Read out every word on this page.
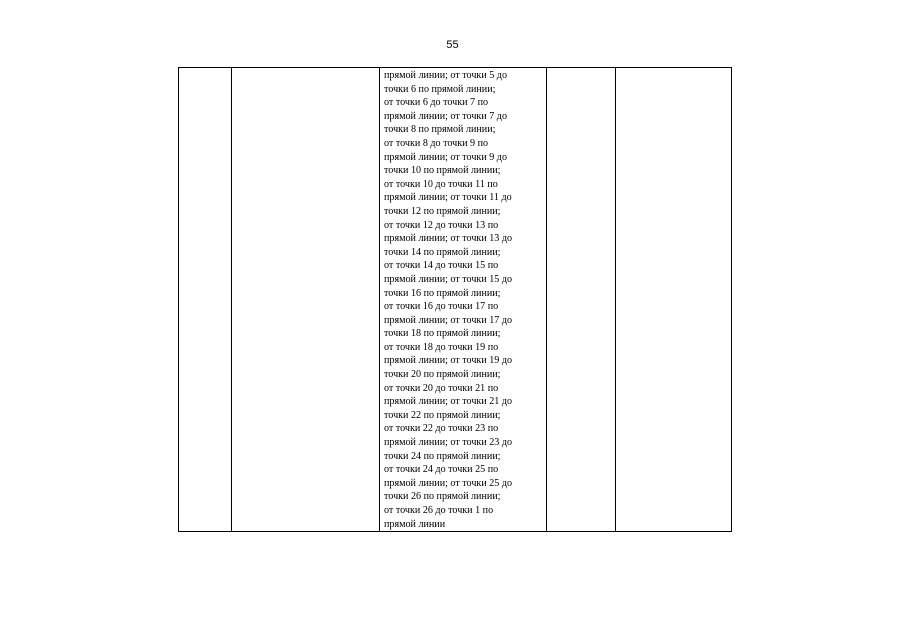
55

прямой линии; от точки 5 до
точки 6 по прямой линии;
от точки 6 до точки 7 по
прямой линии; от точки 7 до
точки 8 по прямой линии;
от точки 8 до точки 9 по
прямой линии; от точки 9 до
точки 10 по прямой линии;
от точки 10 до точки 11 по
прямой линии; от точки 11 до
точки 12 по прямой линии;
от точки 12 до точки 13 по
прямой линии; от точки 13 до
точки 14 по прямой линии;
от точки 14 до точки 15 по
прямой линии; от точки 15 до
точки 16 по прямой линии;
от точки 16 до точки 17 по
прямой линии; от точки 17 до
точки 18 по прямой линии;
от точки 18 до точки 19 по
прямой линии; от точки 19 до
точки 20 по прямой линии;
от точки 20 до точки 21 по
прямой линии; от точки 21 до
точки 22 по прямой линии;
от точки 22 до точки 23 по
прямой линии; от точки 23 до
точки 24 по прямой линии;
от точки 24 до точки 25 по
прямой линии; от точки 25 до
точки 26 по прямой линии;
от точки 26 до точки 1 по
прямой линии
